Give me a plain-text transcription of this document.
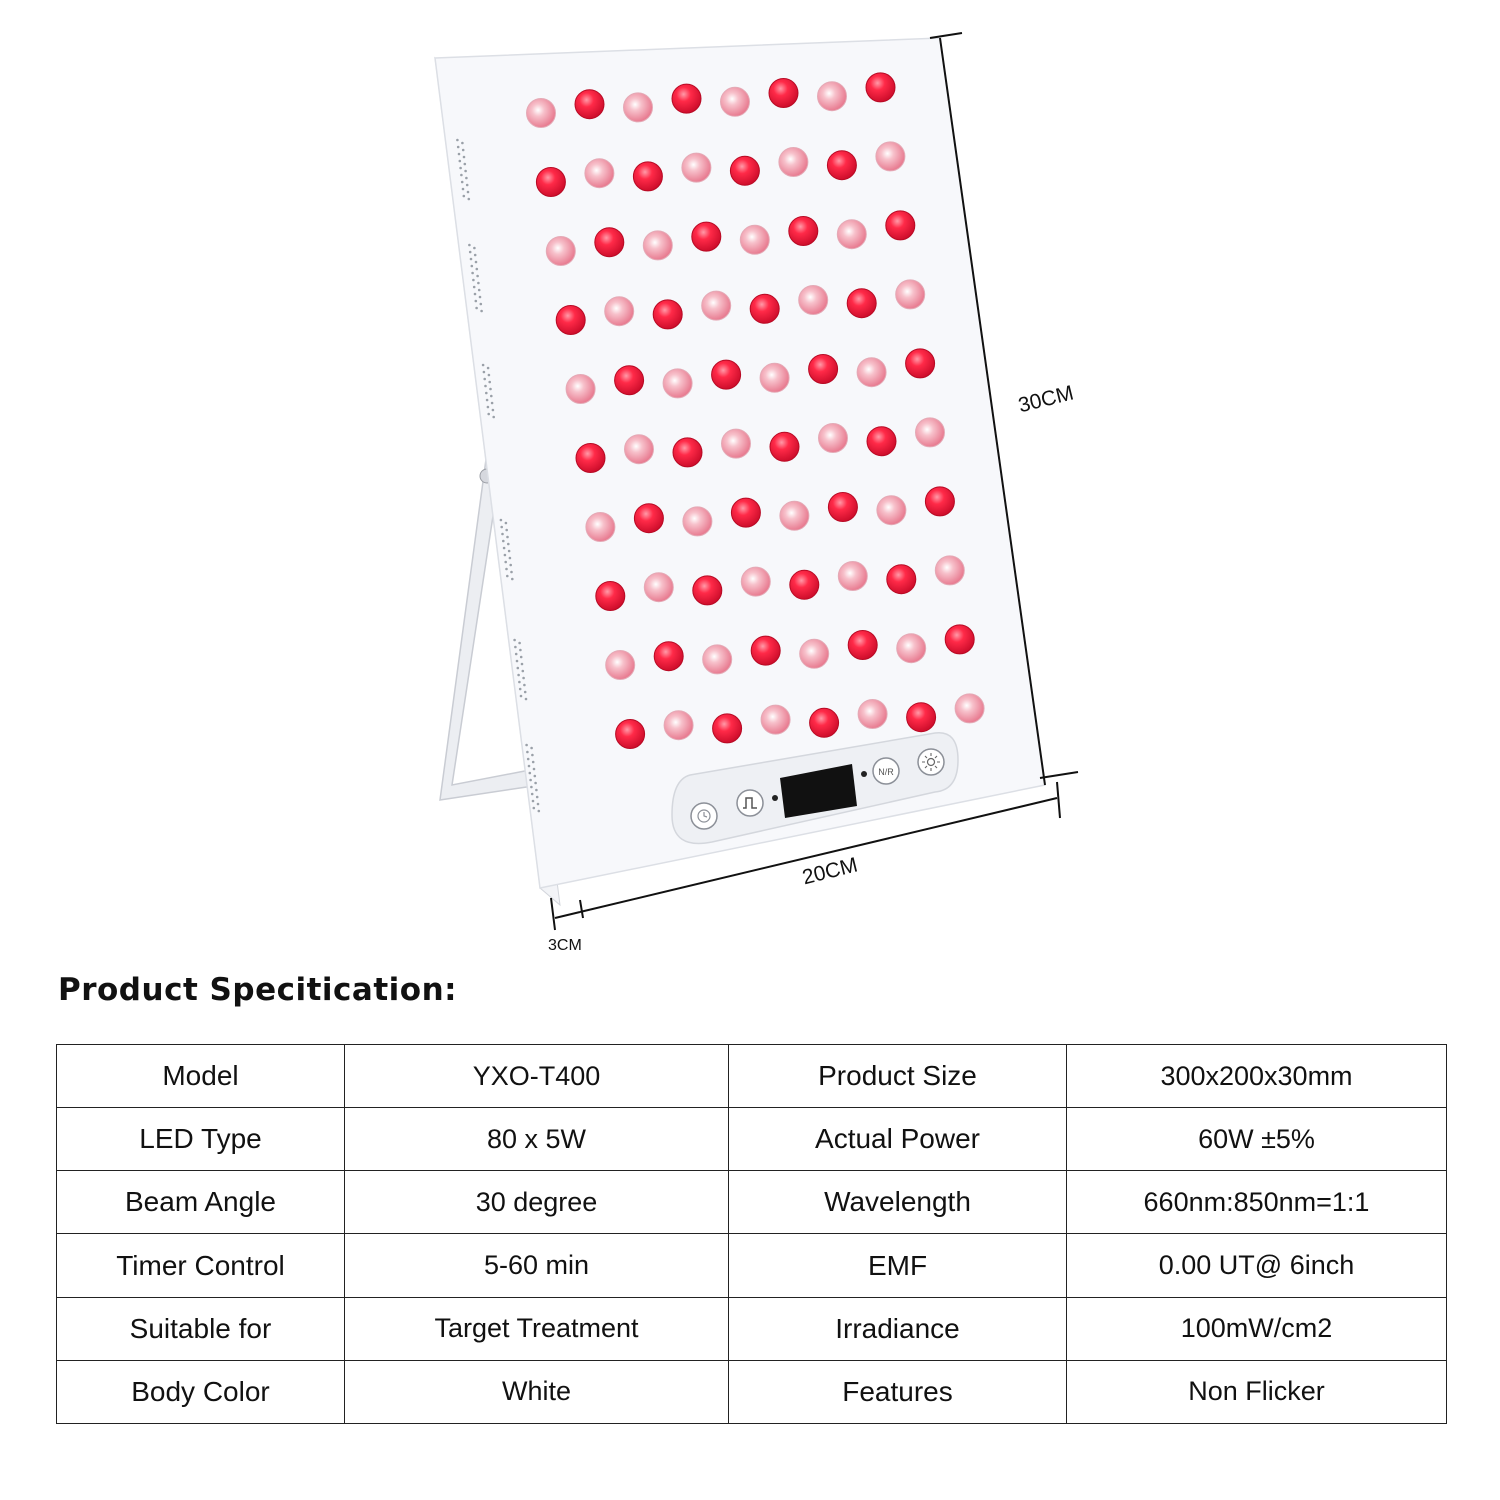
N/R
30CM
20CM
3CM
Product Specitication:
Model	YXO-T400	Product Size	300x200x30mm
LED Type	80 x 5W	Actual Power	60W ±5%
Beam Angle	30 degree	Wavelength	660nm:850nm=1:1
Timer Control	5-60 min	EMF	0.00 UT@ 6inch
Suitable for	Target Treatment	Irradiance	100mW/cm2
Body Color	White	Features	Non Flicker
